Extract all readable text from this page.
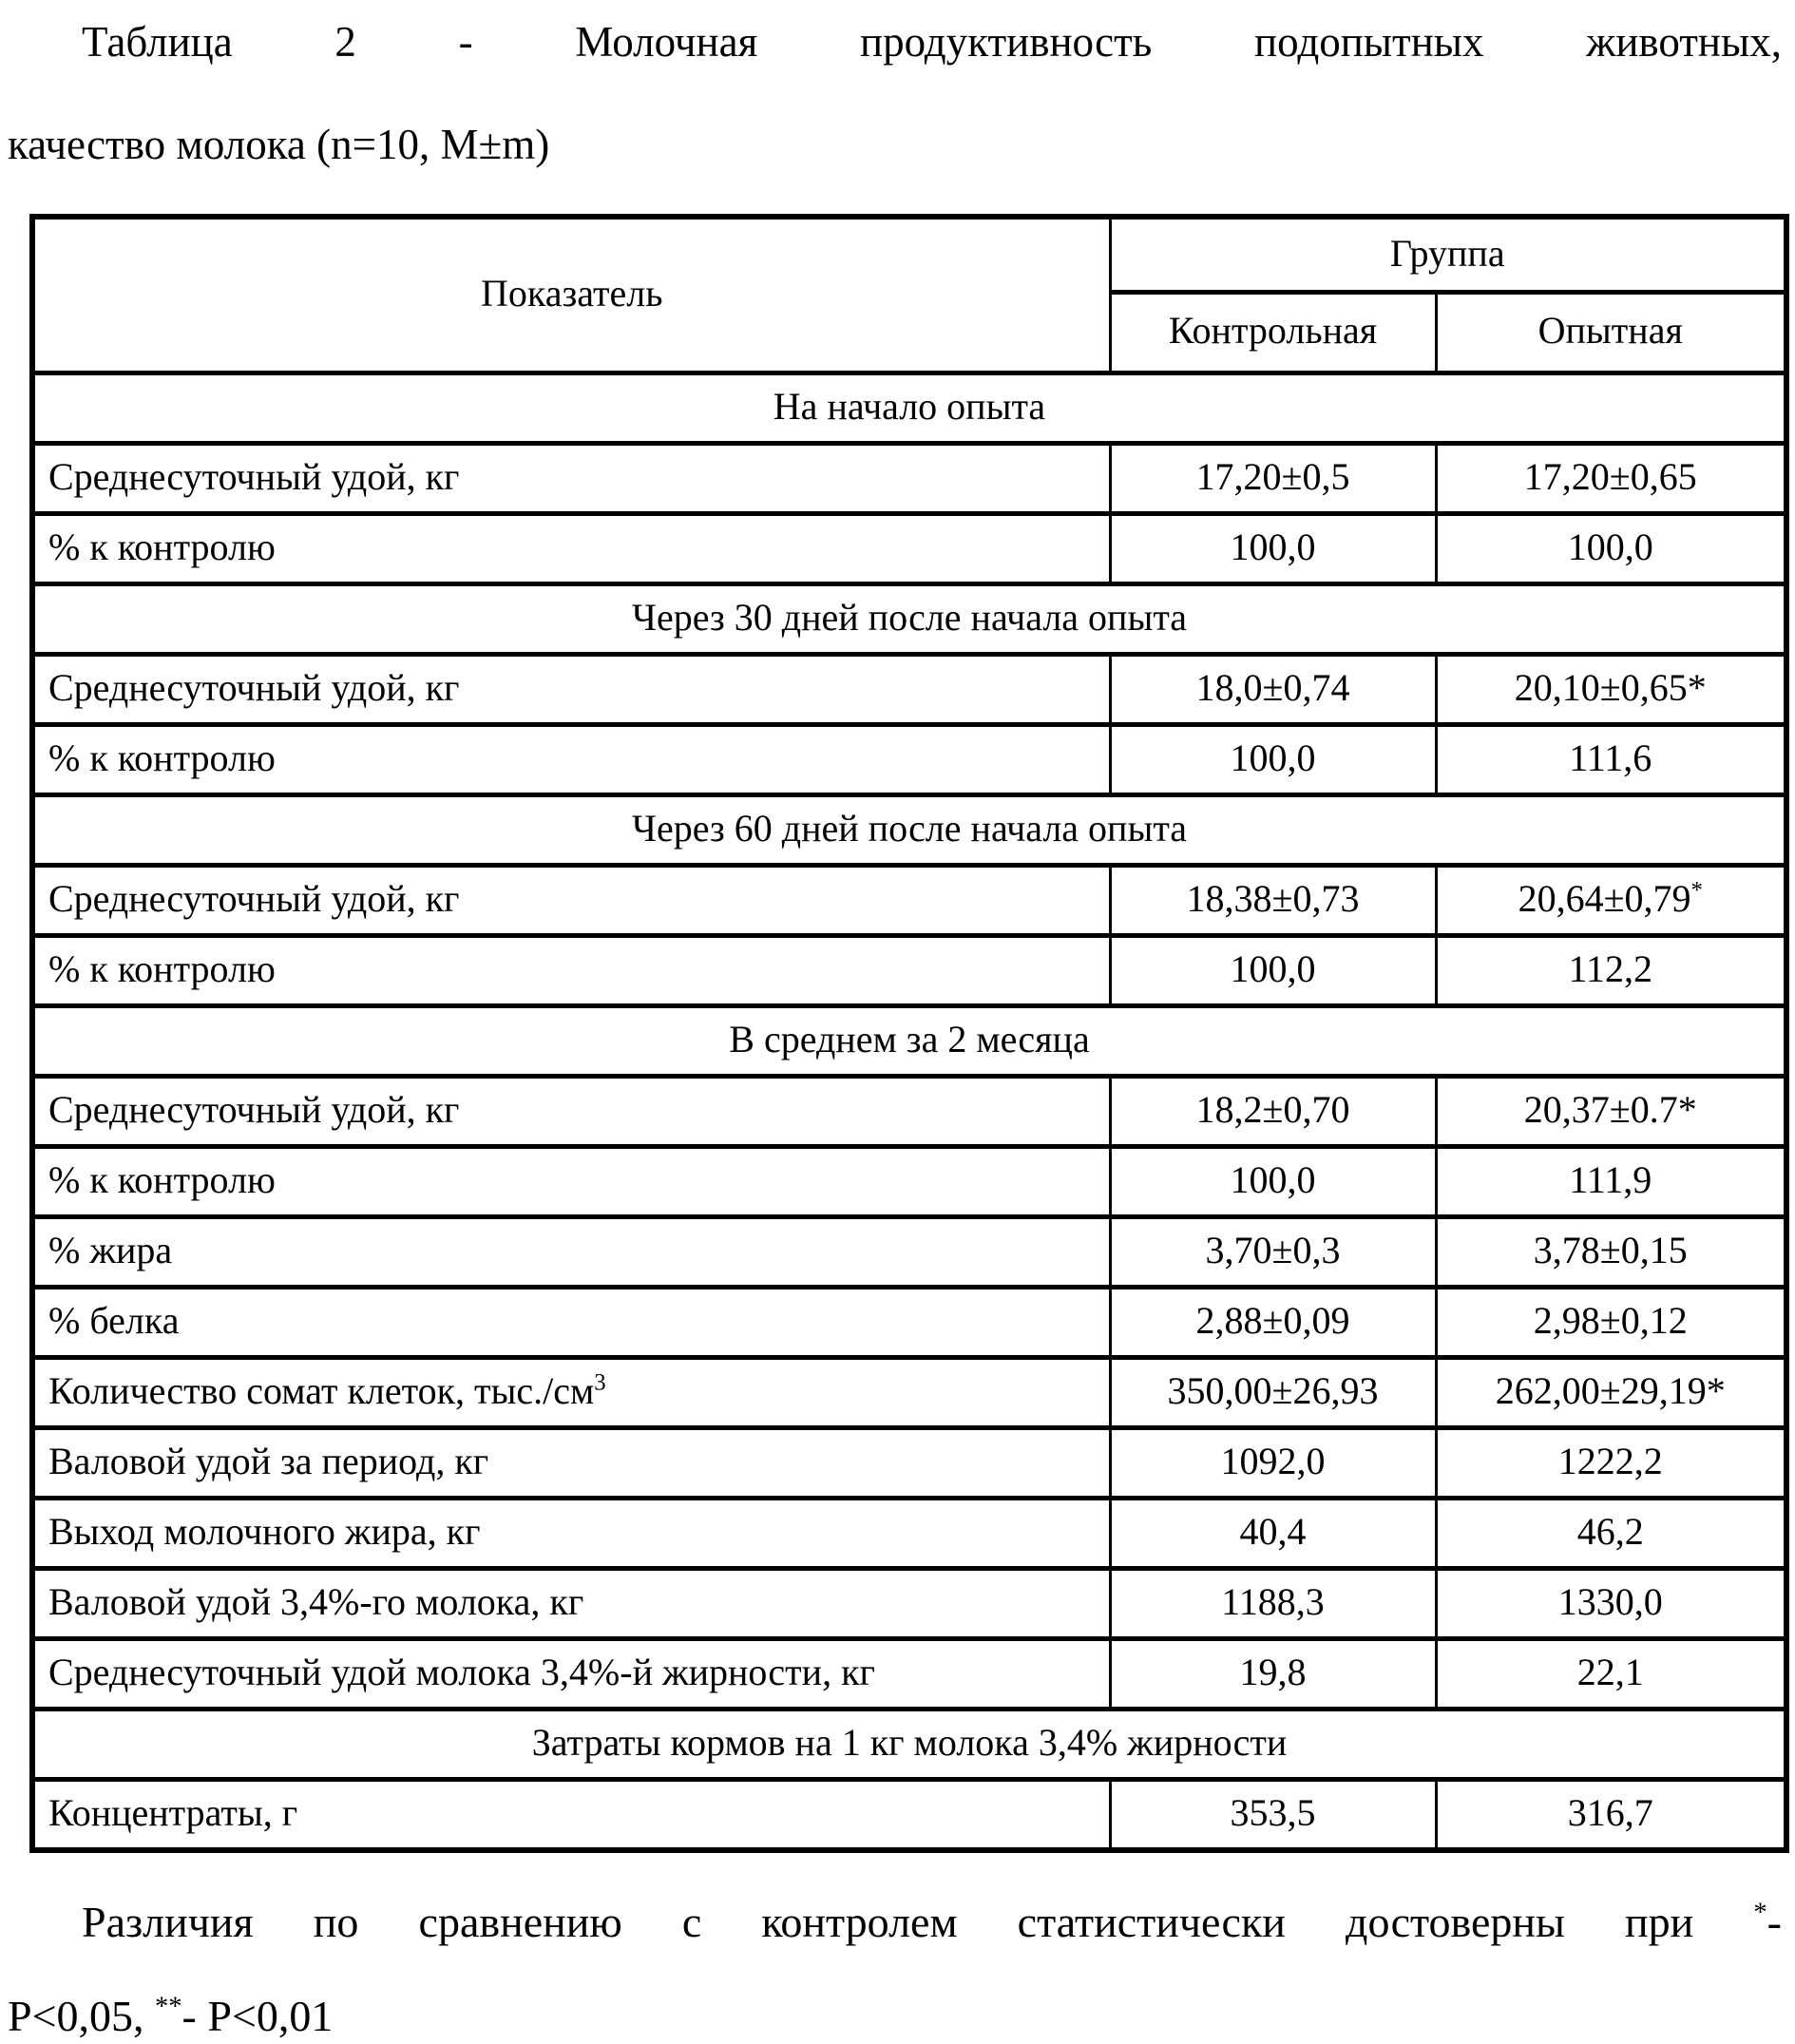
Таблица 2 - Молочная продуктивность подопытных животных,
качество молока (n=10, M±m)
Показатель	Группа	
	Контрольная	Опытная
На начало опыта		
Среднесуточный удой, кг	17,20±0,5	17,20±0,65
% к контролю	100,0	100,0
Через 30 дней после начала опыта		
Среднесуточный удой, кг	18,0±0,74	20,10±0,65*
% к контролю	100,0	111,6
Через 60 дней после начала опыта		
Среднесуточный удой, кг	18,38±0,73	20,64±0,79*
% к контролю	100,0	112,2
В среднем за 2 месяца		
Среднесуточный удой, кг	18,2±0,70	20,37±0.7*
% к контролю	100,0	111,9
% жира	3,70±0,3	3,78±0,15
% белка	2,88±0,09	2,98±0,12
Количество сомат клеток, $тыс./см^3$	350,00±26,93	262,00±29,19*
Валовой удой за период, кг	1092,0	1222,2
Выход молочного жира, кг	40,4	46,2
Валовой удой 3,4%-го молока, кг	1188,3	1330,0
Среднесуточный удой молока 3,4%-й жирности, кг	19,8	22,1
Затраты кормов на 1 кг молока 3,4% жирности		
Концентраты, г	353,5	316,7
Различия по сравнению с контролем статистически достоверны при *-
Р<0,05, **- Р<0,01
